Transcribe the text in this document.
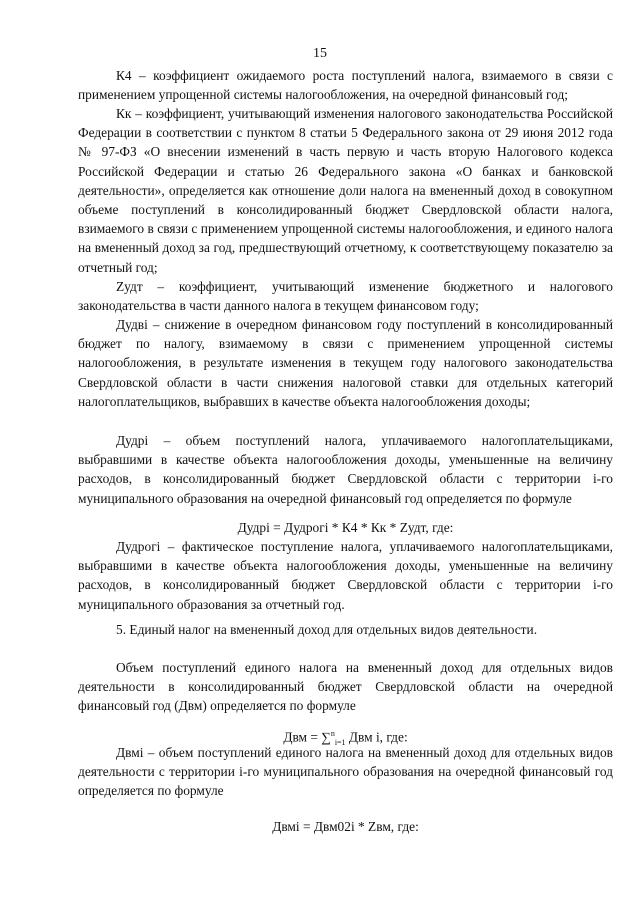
15

К4 – коэффициент ожидаемого роста поступлений налога, взимаемого в связи с применением упрощенной системы налогообложения, на очередной финансовый год;

Кк – коэффициент, учитывающий изменения налогового законодательства Российской Федерации в соответствии с пунктом 8 статьи 5 Федерального закона от 29 июня 2012 года № 97-ФЗ «О внесении изменений в часть первую и часть вторую Налогового кодекса Российской Федерации и статью 26 Федерального закона «О банках и банковской деятельности», определяется как отношение доли налога на вмененный доход в совокупном объеме поступлений в консолидированный бюджет Свердловской области налога, взимаемого в связи с применением упрощенной системы налогообложения, и единого налога на вмененный доход за год, предшествующий отчетному, к соответствующему показателю за отчетный год;

Zудт – коэффициент, учитывающий изменение бюджетного и налогового законодательства в части данного налога в текущем финансовом году;

Дудві – снижение в очередном финансовом году поступлений в консолидированный бюджет по налогу, взимаемому в связи с применением упрощенной системы налогообложения, в результате изменения в текущем году налогового законодательства Свердловской области в части снижения налоговой ставки для отдельных категорий налогоплательщиков, выбравших в качестве объекта налогообложения доходы;

Дудрі – объем поступлений налога, уплачиваемого налогоплательщиками, выбравшими в качестве объекта налогообложения доходы, уменьшенные на величину расходов, в консолидированный бюджет Свердловской области с территории і-го муниципального образования на очередной финансовый год определяется по формуле

Дудрі = Дудрогі * К4 * Кк * Zудт, где:

Дудрогі – фактическое поступление налога, уплачиваемого налогоплательщиками, выбравшими в качестве объекта налогообложения доходы, уменьшенные на величину расходов, в консолидированный бюджет Свердловской области с территории і-го муниципального образования за отчетный год.

5. Единый налог на вмененный доход для отдельных видов деятельности.

Объем поступлений единого налога на вмененный доход для отдельных видов деятельности в консолидированный бюджет Свердловской области на очередной финансовый год (Двм) определяется по формуле

Двм = ∑$^n_{i=1}$ Двм і, где:

Двмі – объем поступлений единого налога на вмененный доход для отдельных видов деятельности с территории і-го муниципального образования на очередной финансовый год определяется по формуле

Двмі = Двм02і * Zвм, где:
